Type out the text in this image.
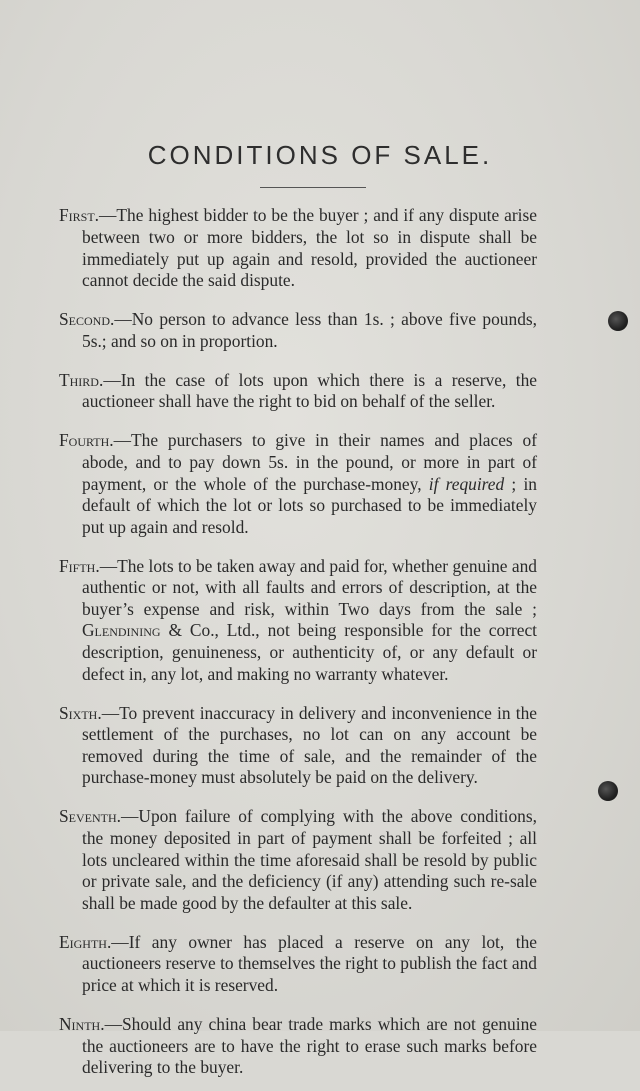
CONDITIONS OF SALE.

First.—The highest bidder to be the buyer ; and if any dispute arise between two or more bidders, the lot so in dispute shall be immediately put up again and resold, provided the auctioneer cannot decide the said dispute.

Second.—No person to advance less than 1s. ; above five pounds, 5s.; and so on in proportion.

Third.—In the case of lots upon which there is a reserve, the auctioneer shall have the right to bid on behalf of the seller.

Fourth.—The purchasers to give in their names and places of abode, and to pay down 5s. in the pound, or more in part of payment, or the whole of the purchase-money, if required ; in default of which the lot or lots so purchased to be immediately put up again and resold.

Fifth.—The lots to be taken away and paid for, whether genuine and authentic or not, with all faults and errors of description, at the buyer’s expense and risk, within Two days from the sale ; Glendining & Co., Ltd., not being responsible for the correct description, genuineness, or authenticity of, or any default or defect in, any lot, and making no warranty whatever.

Sixth.—To prevent inaccuracy in delivery and inconvenience in the settlement of the purchases, no lot can on any account be removed during the time of sale, and the remainder of the purchase-money must absolutely be paid on the delivery.

Seventh.—Upon failure of complying with the above conditions, the money deposited in part of payment shall be forfeited ; all lots uncleared within the time aforesaid shall be resold by public or private sale, and the deficiency (if any) attending such re-sale shall be made good by the defaulter at this sale.

Eighth.—If any owner has placed a reserve on any lot, the auctioneers reserve to themselves the right to publish the fact and price at which it is reserved.

Ninth.—Should any china bear trade marks which are not genuine the auctioneers are to have the right to erase such marks before delivering to the buyer.
